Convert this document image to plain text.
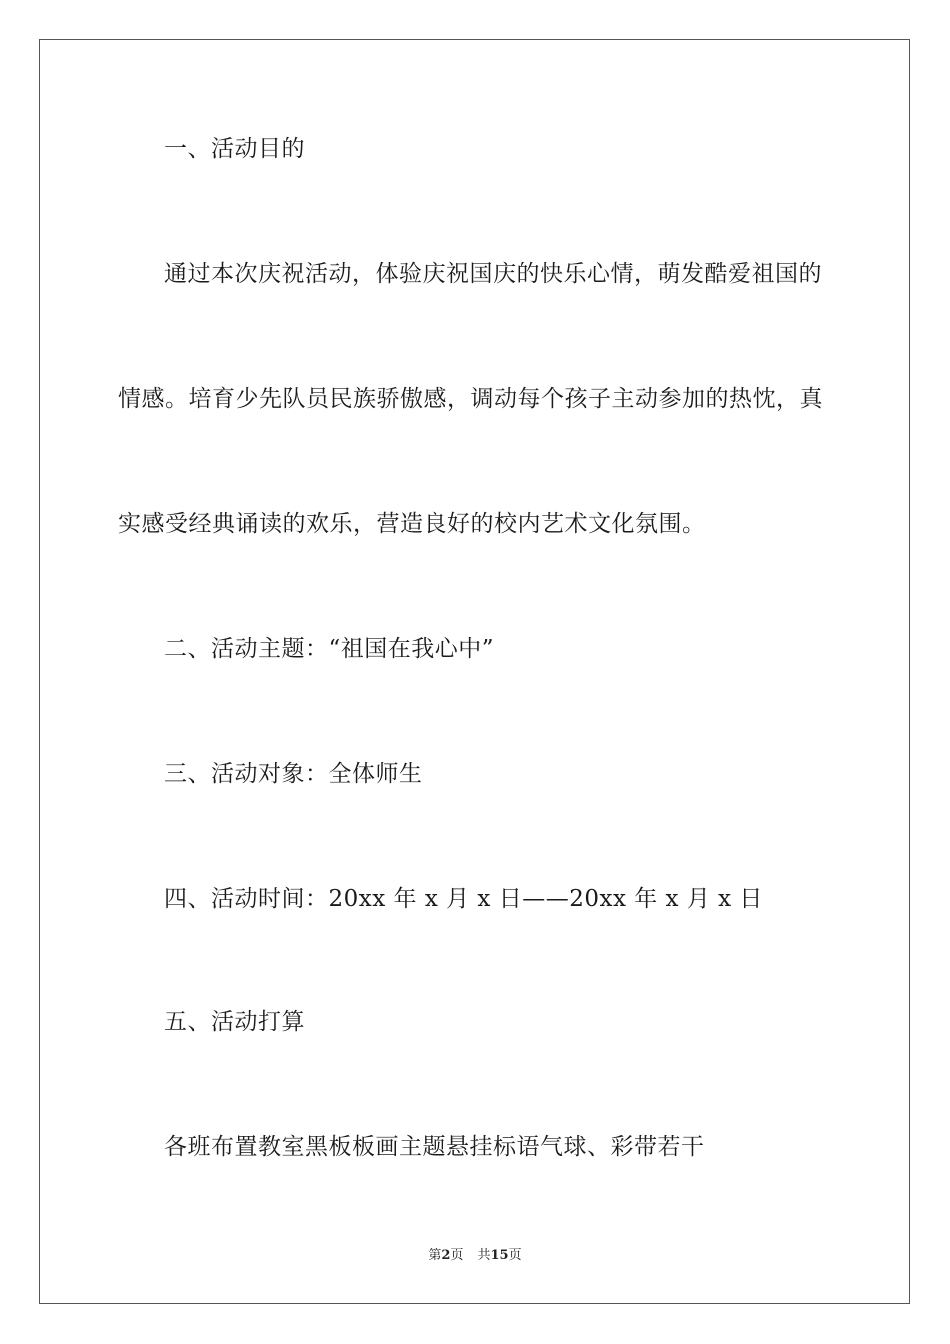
一、活动目的
通过本次庆祝活动，体验庆祝国庆的快乐心情，萌发酷爱祖国的
情感。培育少先队员民族骄傲感，调动每个孩子主动参加的热忱，真
实感受经典诵读的欢乐，营造良好的校内艺术文化氛围。
二、活动主题：“祖国在我心中”
三、活动对象：全体师生
四、活动时间：20xx 年 x 月 x 日——20xx 年 x 月 x 日
五、活动打算
各班布置教室黑板板画主题悬挂标语气球、彩带若干
第2页 共15页
